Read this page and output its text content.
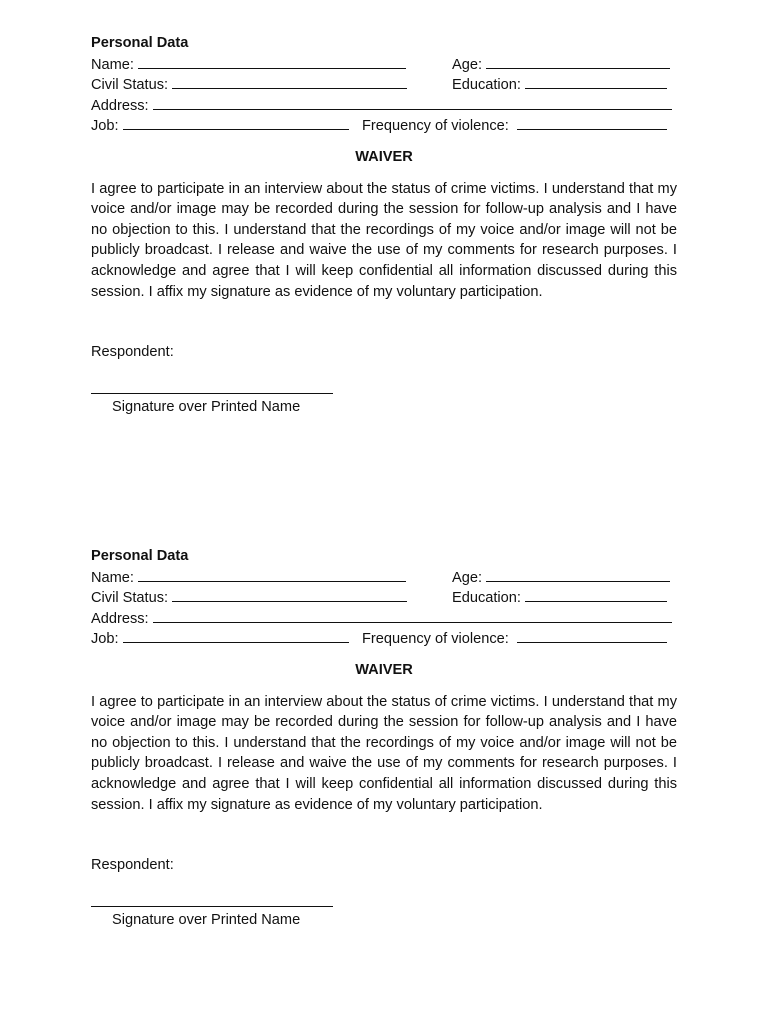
Personal Data
Name:	Age:
Civil Status:	Education:
Address:
Job:	Frequency of violence:
WAIVER
I agree to participate in an interview about the status of crime victims. I understand that my voice and/or image may be recorded during the session for follow-up analysis and I have no objection to this. I understand that the recordings of my voice and/or image will not be publicly broadcast. I release and waive the use of my comments for research purposes. I acknowledge and agree that I will keep confidential all information discussed during this session. I affix my signature as evidence of my voluntary participation.
Respondent:
Signature over Printed Name
Personal Data
Name:	Age:
Civil Status:	Education:
Address:
Job:	Frequency of violence:
WAIVER
I agree to participate in an interview about the status of crime victims. I understand that my voice and/or image may be recorded during the session for follow-up analysis and I have no objection to this. I understand that the recordings of my voice and/or image will not be publicly broadcast. I release and waive the use of my comments for research purposes. I acknowledge and agree that I will keep confidential all information discussed during this session. I affix my signature as evidence of my voluntary participation.
Respondent:
Signature over Printed Name
